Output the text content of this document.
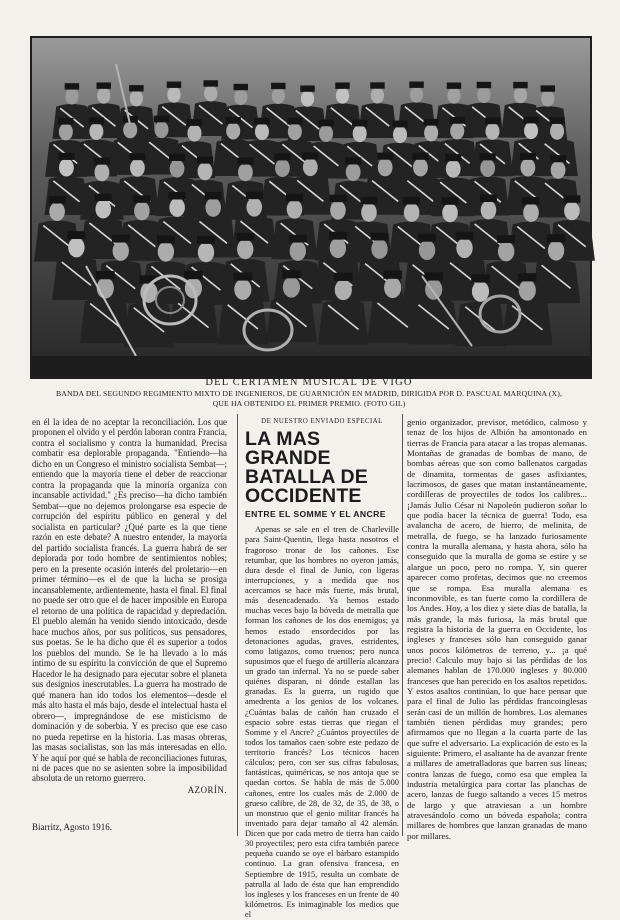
DEL CERTAMEN MUSICAL DE VIGO
BANDA DEL SEGUNDO REGIMIENTO MIXTO DE INGENIEROS, DE GUARNICIÓN EN MADRID, DIRIGIDA POR D. PASCUAL MARQUINA (X),
QUE HA OBTENIDO EL PRIMER PREMIO. (FOTO GIL)
en él la idea de no aceptar la reconciliación. Los que proponen el olvido y el perdón laboran contra Francia, contra el socialismo y contra la humanidad. Precisa combatir esa deplorable propaganda. "Entiendo—ha dicho en un Congreso el ministro socialista Sembat—; entiendo que la mayoría tiene el deber de reaccionar contra la propaganda que la minoría organiza con incansable actividad." ¿Es preciso—ha dicho también Sembat—que no dejemos prolongarse esa especie de corrupción del espíritu público en general y del socialista en particular? ¿Qué parte es la que tiene razón en este debate? A nuestro entender, la mayoría del partido socialista francés. La guerra habrá de ser deplorada por todo hombre de sentimientos nobles; pero en la presente ocasión interés del proletario—en primer término—es el de que la lucha se prosiga incansablemente, ardientemente, hasta el final. El final no puede ser otro que el de hacer imposible en Europa el retorno de una política de rapacidad y depredación. El pueblo alemán ha venido siendo intoxicado, desde hace muchos años, por sus políticos, sus pensadores, sus poetas. Se le ha dicho que él es superior a todos los pueblos del mundo. Se le ha llevado a lo más íntimo de su espíritu la convicción de que el Supremo Hacedor le ha designado para ejecutar sobre el planeta sus designios inescrutables. La guerra ha mostrado de qué manera han ido todos los elementos—desde el más alto hasta el más bajo, desde el intelectual hasta el obrero—, impregnándose de ese misticismo de dominación y de soberbia. Y es preciso que ese caso no pueda repetirse en la historia. Las masas obreras, las masas socialistas, son las más interesadas en ello. Y he aquí por qué se habla de reconciliaciones futuras, ni de paces que no se asienten sobre la imposibilidad absoluta de un retorno guerrero.
AZORÍN.
Biarritz, Agosto 1916.
DE NUESTRO ENVIADO ESPECIAL
LA MAS GRANDE BATALLA DE OCCIDENTE
ENTRE EL SOMME Y EL ANCRE
Apenas se sale en el tren de Charleville para Saint-Quentin, llega hasta nosotros el fragoroso tronar de los cañones. Ese retumbar, que los hombres no oyeron jamás, dura desde el final de Junio, con ligeras interrupciones, y a medida que nos acercamos se hace más fuerte, más brutal, más desencadenado. Ya hemos estado muchas veces bajo la bóveda de metralla que forman los cañones de los dos enemigos; ya hemos estado ensordecidos por las detonaciones agudas, graves, estridentes, como latigazos, como truenos; pero nunca supusimos que el fuego de artillería alcanzara un grado tan infernal. Ya no se puede saber quiénes disparan, ni dónde estallan las granadas. Es la guerra, un rugido que amedrenta a los genios de los volcanes. ¿Cuántas balas de cañón han cruzado el espacio sobre estas tierras que riegan el Somme y el Ancre? ¿Cuántos proyectiles de todos los tamaños caen sobre este pedazo de territorio francés? Los técnicos hacen cálculos; pero, con ser sus cifras fabulosas, fantásticas, quiméricas, se nos antoja que se quedan cortos. Se habla de más de 5.000 cañones, entre los cuales más de 2.000 de grueso calibre, de 28, de 32, de 35, de 38, o un monstruo que el genio militar francés ha inventado para dejar tamaño al 42 alemán. Dicen que por cada metro de tierra han caído 30 proyectiles; pero esta cifra también parece pequeña cuando se oye el bárbaro estampido continuo. La gran ofensiva francesa, en Septiembre de 1915, resulta un combate de patrulla al lado de ésta que han emprendido los ingleses y los franceses en un frente de 40 kilómetros. Es inimaginable los medios que el
genio organizador, previsor, metódico, calmoso y tenaz de los hijos de Albión ha amontonado en tierras de Francia para atacar a las tropas alemanas. Montañas de granadas de bombas de mano, de bombas aéreas que son como ballenatos cargadas de dinamita, tormentas de gases asfixiantes, lacrimosos, de gases que matan instantáneamente, cordilleras de proyectiles de todos los calibres... ¡Jamás Julio César ni Napoleón pudieron soñar lo que podía hacer la técnica de guerra! Todo, esa avalancha de acero, de hierro, de melinita, de metralla, de fuego, se ha lanzado furiosamente contra la muralla alemana, y hasta ahora, sólo ha conseguido que la muralla de goma se estire y se alargue un poco, pero no rompa. Y, sin querer aparecer como profetas, decimos que no creemos que se rompa. Esa muralla alemana es inconmovible, es tan fuerte como la cordillera de los Andes. Hoy, a los diez y siete días de batalla, la más grande, la más furiosa, la más brutal que registra la historia de la guerra en Occidente, los ingleses y franceses sólo han conseguido ganar unos pocos kilómetros de terreno, y... ¡a qué precio! Calculo muy bajo si las pérdidas de los alemanes hablan de 170.000 ingleses y 80.000 franceses que han perecido en los asaltos repetidos. Y estos asaltos continúan, lo que hace pensar que para el final de Julio las pérdidas francoinglesas serán casi de un millón de hombres. Los alemanes también tienen pérdidas muy grandes; pero afirmamos que no llegan a la cuarta parte de las que sufre el adversario. La explicación de esto es la siguiente: Primero, el asaltante ha de avanzar frente a millares de ametralladoras que barren sus líneas; contra lanzas de fuego, como esa que emplea la industria metalúrgica para cortar las planchas de acero, lanzas de fuego saltando a veces 15 metros de largo y que atraviesan a un hombre atravesándolo como un bóveda española; contra millares de hombres que lanzan granadas de mano por millares.
